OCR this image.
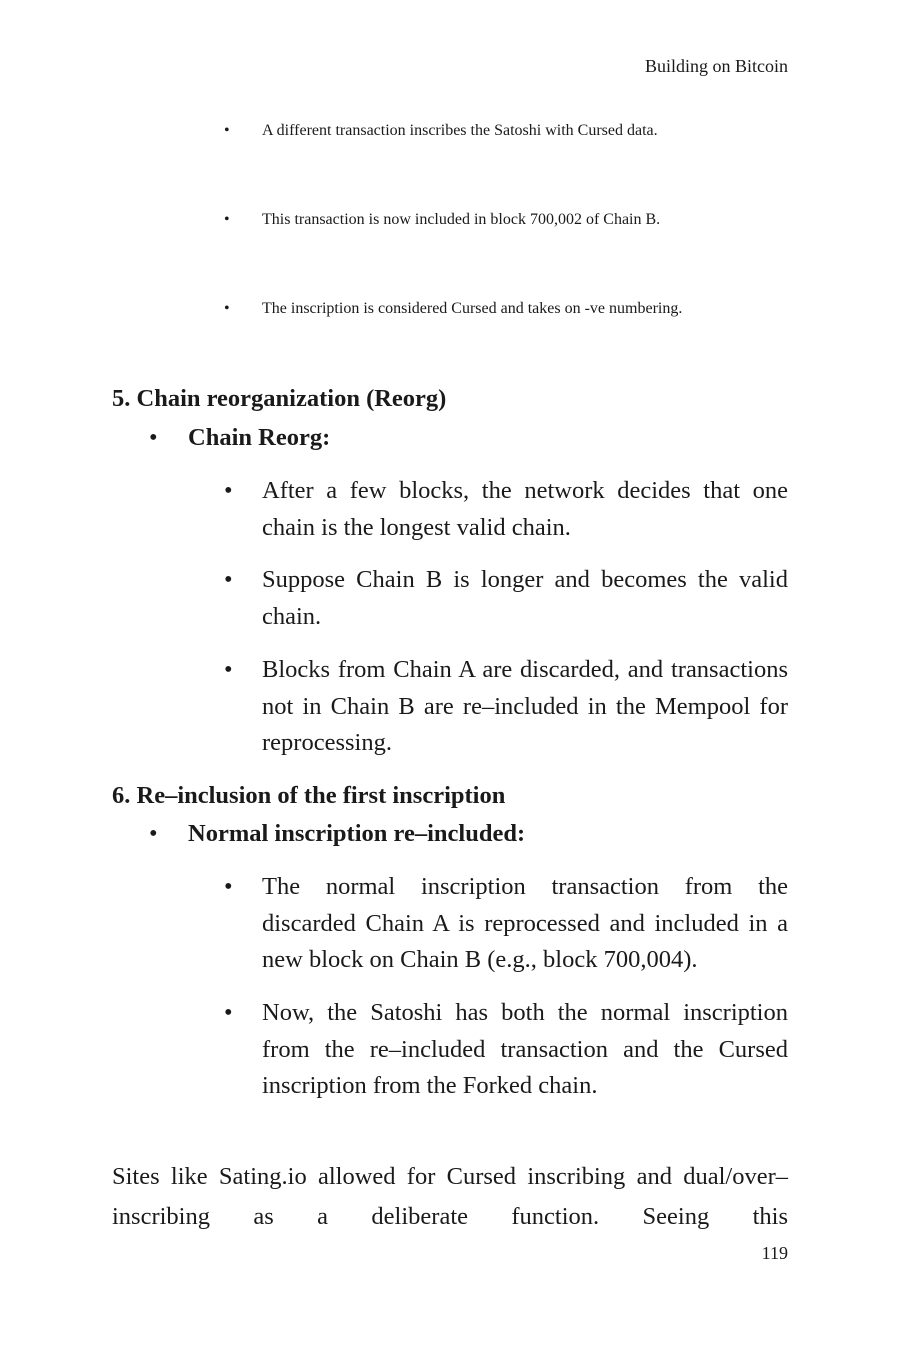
Building on Bitcoin

• A different transaction inscribes the Satoshi with Cursed data.

• This transaction is now included in block 700,002 of Chain B.

• The inscription is considered Cursed and takes on -ve numbering.

5. Chain reorganization (Reorg)

• Chain Reorg:

• After a few blocks, the network decides that one chain is the longest valid chain.

• Suppose Chain B is longer and becomes the valid chain.

• Blocks from Chain A are discarded, and transactions not in Chain B are re–included in the Mempool for reprocessing.

6. Re–inclusion of the first inscription

• Normal inscription re–included:

• The normal inscription transaction from the discarded Chain A is reprocessed and included in a new block on Chain B (e.g., block 700,004).

• Now, the Satoshi has both the normal inscription from the re–included transaction and the Cursed inscription from the Forked chain.

Sites like Sating.io allowed for Cursed inscribing and dual/over–inscribing as a deliberate function. Seeing this

119
